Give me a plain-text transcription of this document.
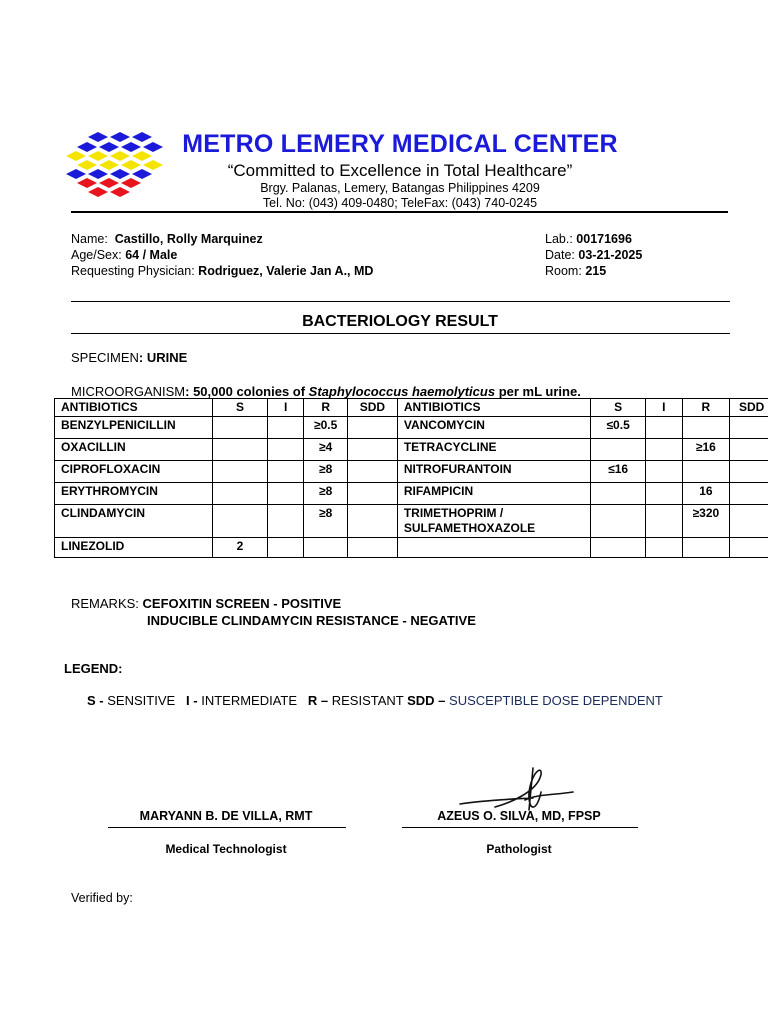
METRO LEMERY MEDICAL CENTER
“Committed to Excellence in Total Healthcare”
Brgy. Palanas, Lemery, Batangas Philippines 4209
Tel. No: (043) 409-0480; TeleFax: (043) 740-0245
Name: Castillo, Rolly Marquinez
Age/Sex: 64 / Male
Requesting Physician: Rodriguez, Valerie Jan A., MD
Lab.: 00171696
Date: 03-21-2025
Room: 215
BACTERIOLOGY RESULT
SPECIMEN: URINE
MICROORGANISM: 50,000 colonies of Staphylococcus haemolyticus per mL urine.
ANTIBIOTICS	S	I	R	SDD	ANTIBIOTICS	S	I	R	SDD
BENZYLPENICILLIN			≥0.5		VANCOMYCIN	≤0.5			
OXACILLIN			≥4		TETRACYCLINE			≥16	
CIPROFLOXACIN			≥8		NITROFURANTOIN	≤16			
ERYTHROMYCIN			≥8		RIFAMPICIN			16	
CLINDAMYCIN			≥8		TRIMETHOPRIM / SULFAMETHOXAZOLE			≥320	
LINEZOLID	2								
REMARKS: CEFOXITIN SCREEN - POSITIVE
INDUCIBLE CLINDAMYCIN RESISTANCE - NEGATIVE
LEGEND:
S - SENSITIVE I - INTERMEDIATE R – RESISTANT SDD – SUSCEPTIBLE DOSE DEPENDENT
MARYANN B. DE VILLA, RMT
Medical Technologist
AZEUS O. SILVA, MD, FPSP
Pathologist
Verified by:
